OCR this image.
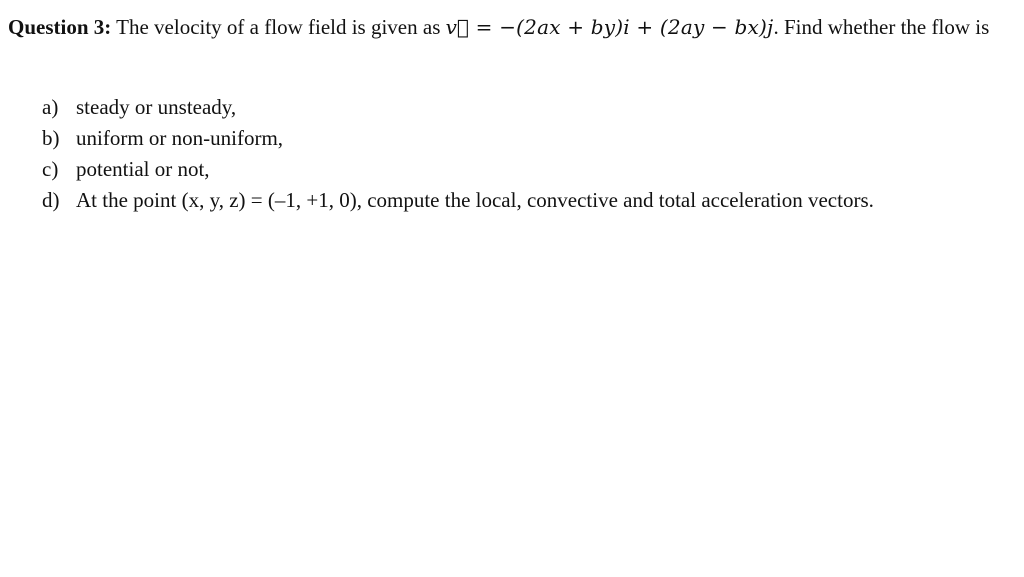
Question 3: The velocity of a flow field is given as v⃗ = −(2ax + by)i + (2ay − bx)j. Find whether the flow is
a) steady or unsteady,
b) uniform or non-uniform,
c) potential or not,
d) At the point (x, y, z) = (–1, +1, 0), compute the local, convective and total acceleration vectors.
